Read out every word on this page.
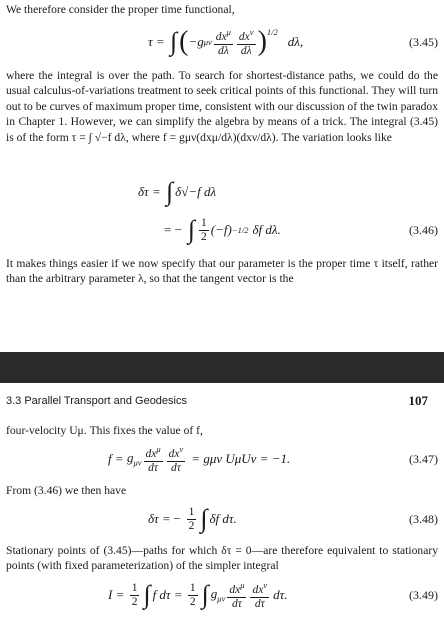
We therefore consider the proper time functional,
τ = ∫ ( −g μν $\frac{dx^\mu}{d\lambda} \frac{dx^\nu}{d\lambda} )^{1/2}$
dλ,	(3.45)
where the integral is over the path. To search for shortest-distance paths, we could do the usual calculus-of-variations treatment to seek critical points of this functional. They will turn out to be curves of maximum proper time, consistent with our discussion of the twin paradox in Chapter 1. However, we can simplify the algebra by means of a trick. The integral (3.45) is of the form τ = ∫ √−f dλ, where f = gμν(dxμ/dλ)(dxν/dλ). The variation looks like
δτ = ∫ δ√−f dλ
= − ∫ $\frac{1}{2} (-f) -1/2$ δf dλ.	(3.46)
It makes things easier if we now specify that our parameter is the proper time τ itself, rather than the arbitrary parameter λ, so that the tangent vector is the
3.3 Parallel Transport and Geodesics	107
four-velocity Uμ. This fixes the value of f,
$f = g_{\mu\nu} \frac{dx^\mu}{d\tau} \frac{dx^\nu}{d\tau} = g\mu\nu$ UμUν = −1.	(3.47)
From (3.46) we then have
δτ = − $\frac{1}{2}$ ∫ δf dτ.	(3.48)
Stationary points of (3.45)—paths for which δτ = 0—are therefore equivalent to stationary points (with fixed parameterization) of the simpler integral
$I = \frac{1}{2}$ ∫ f $d\tau = \frac{1}{2}$ ∫ $g_{\mu\nu} \frac{dx^\mu}{d\tau} \frac{dx^\nu}{d\tau} d\tau$.	(3.49)
